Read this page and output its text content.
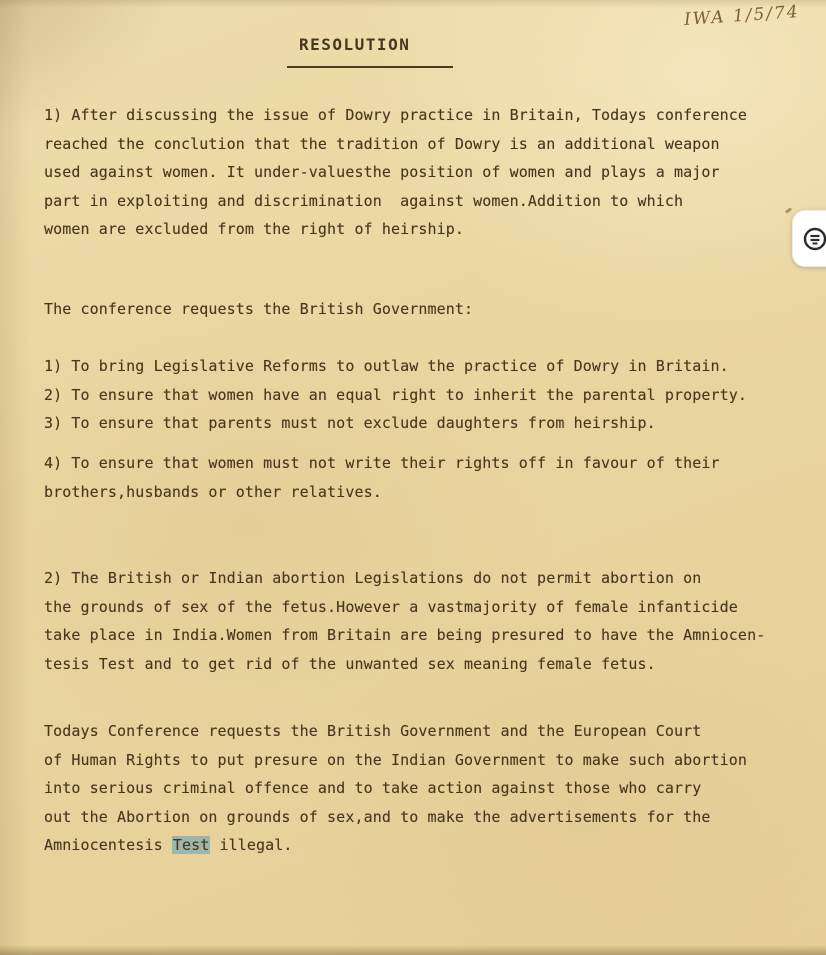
IWA 1/5/74
RESOLUTION
1) After discussing the issue of Dowry practice in Britain, Todays conference
reached the conclution that the tradition of Dowry is an additional weapon
used against women. It under-valuesthe position of women and plays a major
part in exploiting and discrimination  against women.Addition to which
women are excluded from the right of heirship.
The conference requests the British Government:
1) To bring Legislative Reforms to outlaw the practice of Dowry in Britain.
2) To ensure that women have an equal right to inherit the parental property.
3) To ensure that parents must not exclude daughters from heirship.
4) To ensure that women must not write their rights off in favour of their
brothers,husbands or other relatives.
2) The British or Indian abortion Legislations do not permit abortion on
the grounds of sex of the fetus.However a vastmajority of female infanticide
take place in India.Women from Britain are being presured to have the Amniocen-
tesis Test and to get rid of the unwanted sex meaning female fetus.
Todays Conference requests the British Government and the European Court
of Human Rights to put presure on the Indian Government to make such abortion
into serious criminal offence and to take action against those who carry
out the Abortion on grounds of sex,and to make the advertisements for the
Amniocentesis Test illegal.
